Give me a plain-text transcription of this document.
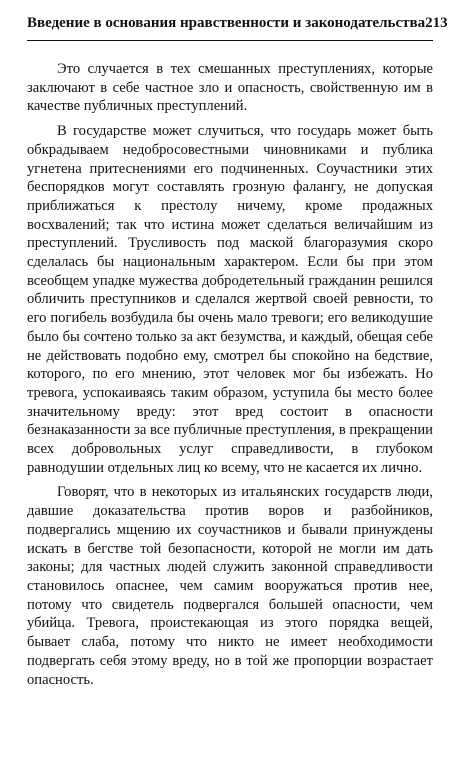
Введение в основания нравственности и законодательства 213

Это случается в тех смешанных преступлениях, которые заключают в себе частное зло и опасность, свойственную им в качестве публичных преступлений.

В государстве может случиться, что государь может быть обкрадываем недобросовестными чиновниками и публика угнетена притеснениями его подчиненных. Соучастники этих беспорядков могут составлять грозную фалангу, не допуская приближаться к престолу ничему, кроме продажных восхвалений; так что истина может сделаться величайшим из преступлений. Трусливость под маской благоразумия скоро сделалась бы национальным характером. Если бы при этом всеобщем упадке мужества добродетельный гражданин решился обличить преступников и сделался жертвой своей ревности, то его погибель возбудила бы очень мало тревоги; его великодушие было бы сочтено только за акт безумства, и каждый, обещая себе не действовать подобно ему, смотрел бы спокойно на бедствие, которого, по его мнению, этот человек мог бы избежать. Но тревога, успокаиваясь таким образом, уступила бы место более значительному вреду: этот вред состоит в опасности безнаказанности за все публичные преступления, в прекращении всех добровольных услуг справедливости, в глубоком равнодушии отдельных лиц ко всему, что не касается их лично.

Говорят, что в некоторых из итальянских государств люди, давшие доказательства против воров и разбойников, подвергались мщению их соучастников и бывали принуждены искать в бегстве той безопасности, которой не могли им дать законы; для частных людей служить законной справедливости становилось опаснее, чем самим вооружаться против нее, потому что свидетель подвергался большей опасности, чем убийца. Тревога, проистекающая из этого порядка вещей, бывает слаба, потому что никто не имеет необходимости подвергать себя этому вреду, но в той же пропорции возрастает опасность.
